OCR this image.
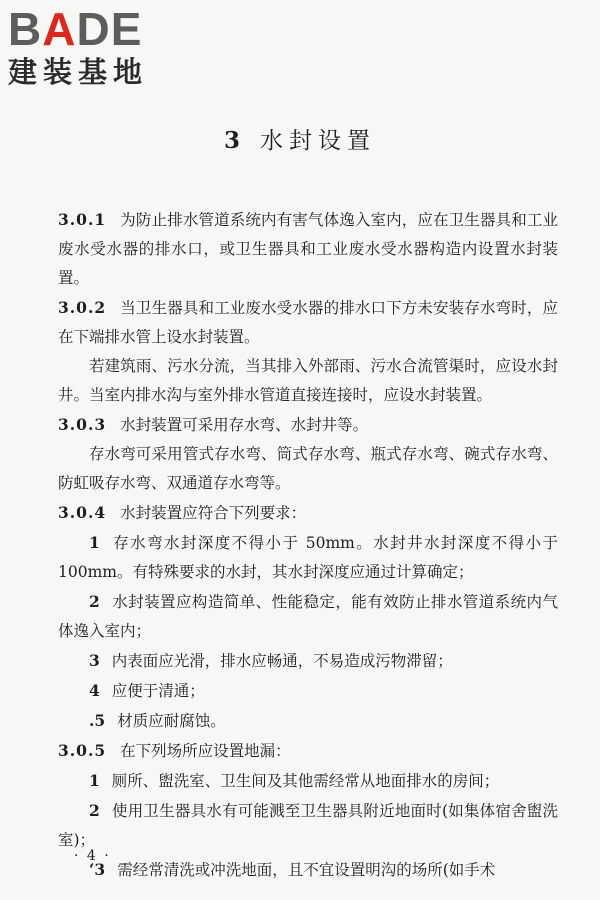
BADE
建装基地
3 水封设置

3.0.1 为防止排水管道系统内有害气体逸入室内，应在卫生器具和工业废水受水器的排水口，或卫生器具和工业废水受水器构造内设置水封装置。

3.0.2 当卫生器具和工业废水受水器的排水口下方未安装存水弯时，应在下端排水管上设水封装置。

若建筑雨、污水分流，当其排入外部雨、污水合流管渠时，应设水封井。当室内排水沟与室外排水管道直接连接时，应设水封装置。

3.0.3 水封装置可采用存水弯、水封井等。

存水弯可采用管式存水弯、筒式存水弯、瓶式存水弯、碗式存水弯、防虹吸存水弯、双通道存水弯等。

3.0.4 水封装置应符合下列要求：

1 存水弯水封深度不得小于 50mm。水封井水封深度不得小于 100mm。有特殊要求的水封，其水封深度应通过计算确定；

2 水封装置应构造简单、性能稳定，能有效防止排水管道系统内气体逸入室内；

3 内表面应光滑，排水应畅通，不易造成污物滞留；

4 应便于清通；

.5 材质应耐腐蚀。

3.0.5 在下列场所应设置地漏：

1 厕所、盥洗室、卫生间及其他需经常从地面排水的房间；

2 使用卫生器具水有可能溅至卫生器具附近地面时(如集体宿舍盥洗室)；

‘3 需经常清洗或冲洗地面，且不宜设置明沟的场所(如手术

· 4 ·
